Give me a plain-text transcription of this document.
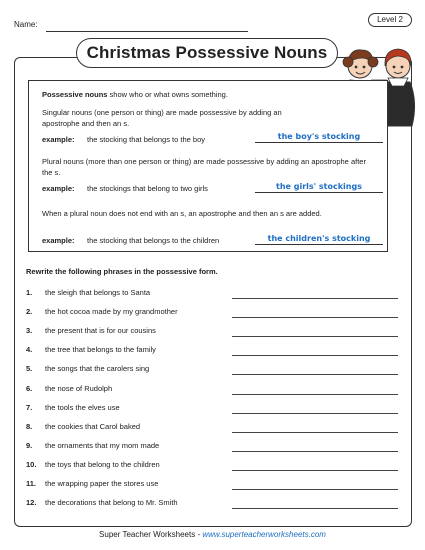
Name:
Level 2
Christmas Possessive Nouns
Possessive nouns show who or what owns something.
Singular nouns (one person or thing) are made possessive by adding an apostrophe and then an s.
example: the stocking that belongs to the boy	the boy's stocking
Plural nouns (more than one person or thing) are made possessive by adding an apostrophe after the s.
example: the stockings that belong to two girls	the girls' stockings
When a plural noun does not end with an s, an apostrophe and then an s are added.
example: the stocking that belongs to the children	the children's stocking
Rewrite the following phrases in the possessive form.
1.	the sleigh that belongs to Santa
2.	the hot cocoa made by my grandmother
3.	the present that is for our cousins
4.	the tree that belongs to the family
5.	the songs that the carolers sing
6.	the nose of Rudolph
7.	the tools the elves use
8.	the cookies that Carol baked
9.	the ornaments that my mom made
10.	the toys that belong to the children
11.	the wrapping paper the stores use
12.	the decorations that belong to Mr. Smith
Super Teacher Worksheets - www.superteacherworksheets.com
